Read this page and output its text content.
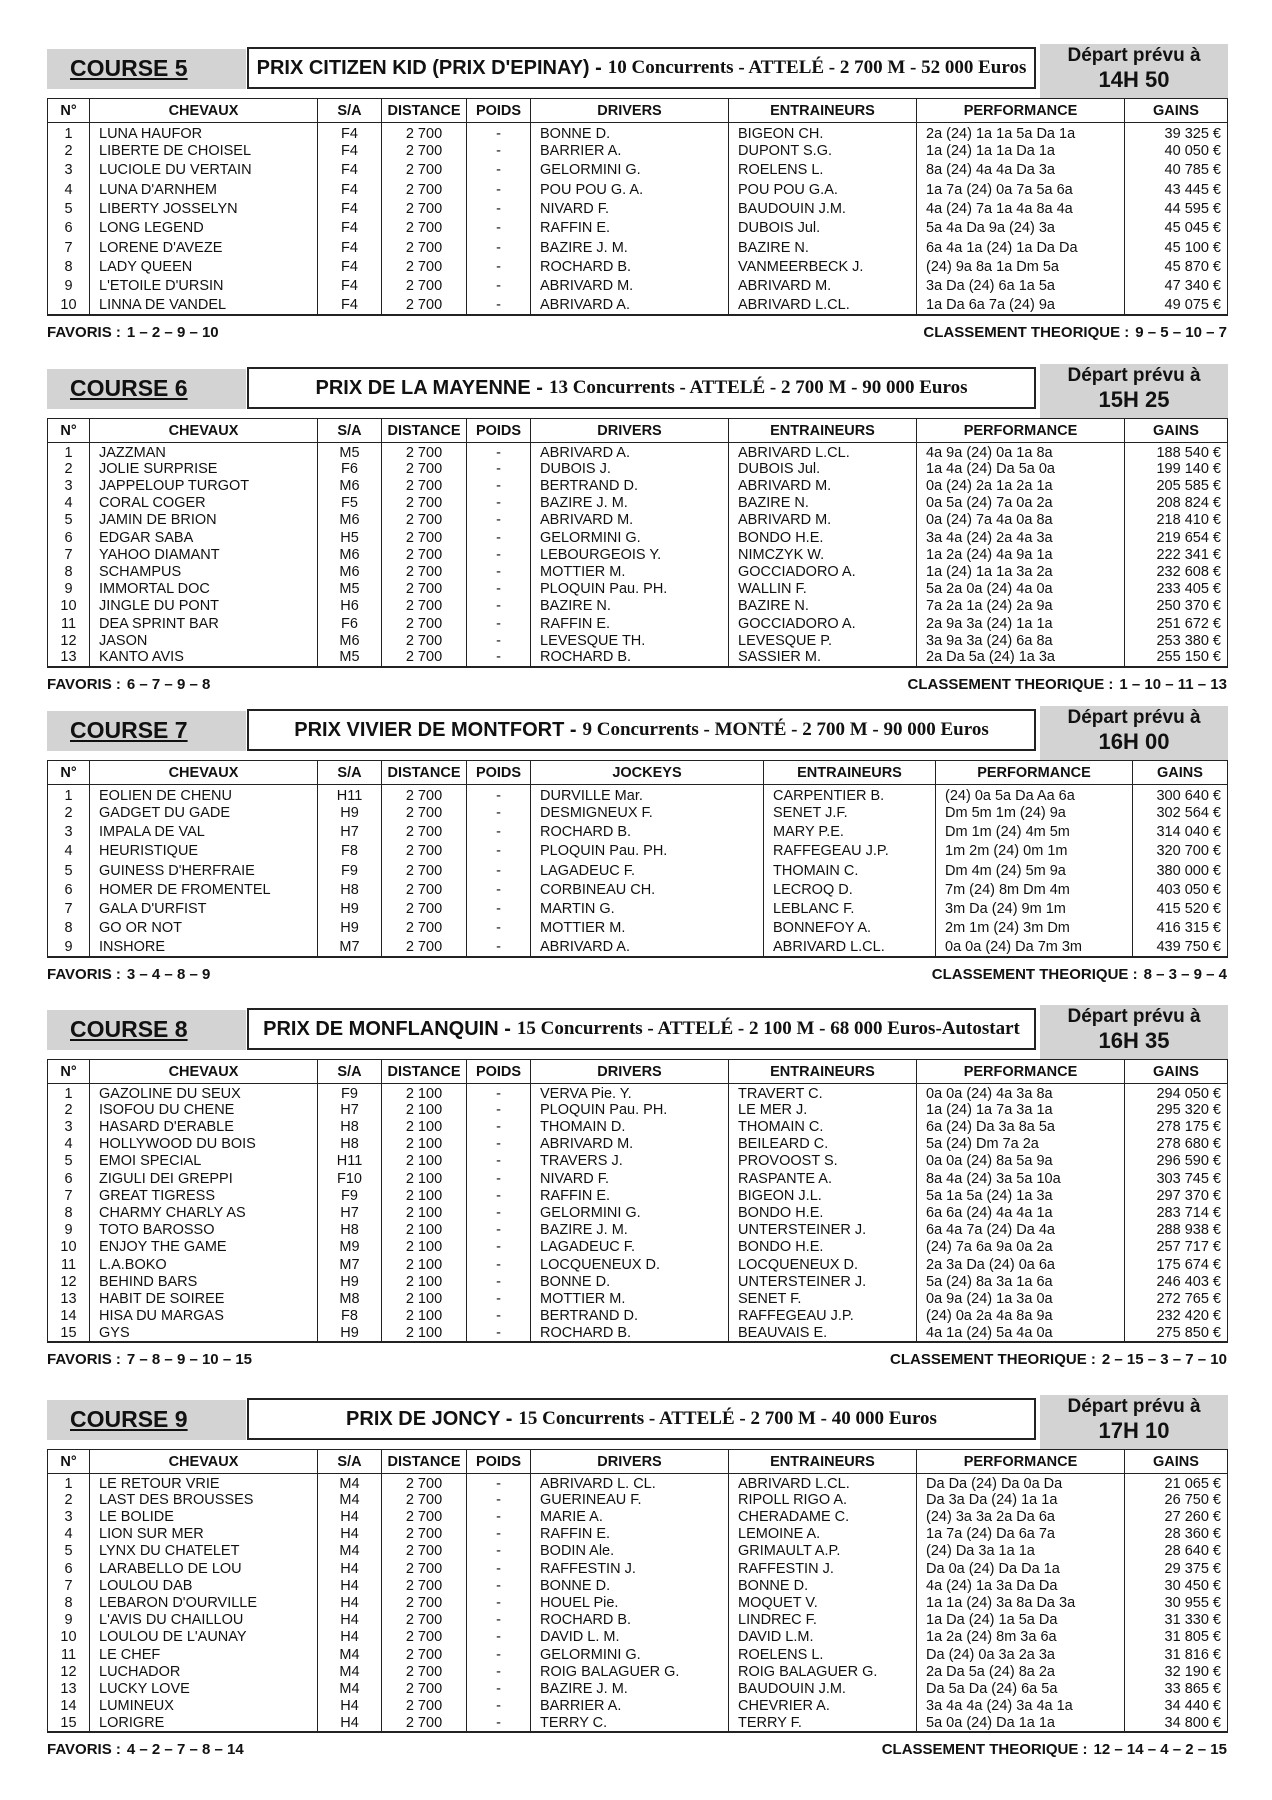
COURSE 5	PRIX CITIZEN KID (PRIX D'EPINAY) - 10 Concurrents - ATTELÉ - 2 700 M - 52 000 Euros
Départ prévu à
14H 50
N°	CHEVAUX	S/A	DISTANCE	POIDS	DRIVERS	ENTRAINEURS	PERFORMANCE	GAINS
1	LUNA HAUFOR	F4	2 700	-	BONNE D.	BIGEON CH.	2a (24) 1a 1a 5a Da 1a	39 325 €
2	LIBERTE DE CHOISEL	F4	2 700	-	BARRIER A.	DUPONT S.G.	1a (24) 1a 1a Da 1a	40 050 €
3	LUCIOLE DU VERTAIN	F4	2 700	-	GELORMINI G.	ROELENS L.	8a (24) 4a 4a Da 3a	40 785 €
4	LUNA D'ARNHEM	F4	2 700	-	POU POU G. A.	POU POU G.A.	1a 7a (24) 0a 7a 5a 6a	43 445 €
5	LIBERTY JOSSELYN	F4	2 700	-	NIVARD F.	BAUDOUIN J.M.	4a (24) 7a 1a 4a 8a 4a	44 595 €
6	LONG LEGEND	F4	2 700	-	RAFFIN E.	DUBOIS Jul.	5a 4a Da 9a (24) 3a	45 045 €
7	LORENE D'AVEZE	F4	2 700	-	BAZIRE J. M.	BAZIRE N.	6a 4a 1a (24) 1a Da Da	45 100 €
8	LADY QUEEN	F4	2 700	-	ROCHARD B.	VANMEERBECK J.	(24) 9a 8a 1a Dm 5a	45 870 €
9	L'ETOILE D'URSIN	F4	2 700	-	ABRIVARD M.	ABRIVARD M.	3a Da (24) 6a 1a 5a	47 340 €
10	LINNA DE VANDEL	F4	2 700	-	ABRIVARD A.	ABRIVARD L.CL.	1a Da 6a 7a (24) 9a	49 075 €
FAVORIS : 1 – 2 – 9 – 10	CLASSEMENT THEORIQUE : 9 – 5 – 10 – 7
COURSE 6	PRIX DE LA MAYENNE - 13 Concurrents - ATTELÉ - 2 700 M - 90 000 Euros
Départ prévu à
15H 25
N°	CHEVAUX	S/A	DISTANCE	POIDS	DRIVERS	ENTRAINEURS	PERFORMANCE	GAINS
1	JAZZMAN	M5	2 700	-	ABRIVARD A.	ABRIVARD L.CL.	4a 9a (24) 0a 1a 8a	188 540 €
2	JOLIE SURPRISE	F6	2 700	-	DUBOIS J.	DUBOIS Jul.	1a 4a (24) Da 5a 0a	199 140 €
3	JAPPELOUP TURGOT	M6	2 700	-	BERTRAND D.	ABRIVARD M.	0a (24) 2a 1a 2a 1a	205 585 €
4	CORAL COGER	F5	2 700	-	BAZIRE J. M.	BAZIRE N.	0a 5a (24) 7a 0a 2a	208 824 €
5	JAMIN DE BRION	M6	2 700	-	ABRIVARD M.	ABRIVARD M.	0a (24) 7a 4a 0a 8a	218 410 €
6	EDGAR SABA	H5	2 700	-	GELORMINI G.	BONDO H.E.	3a 4a (24) 2a 4a 3a	219 654 €
7	YAHOO DIAMANT	M6	2 700	-	LEBOURGEOIS Y.	NIMCZYK W.	1a 2a (24) 4a 9a 1a	222 341 €
8	SCHAMPUS	M6	2 700	-	MOTTIER M.	GOCCIADORO A.	1a (24) 1a 1a 3a 2a	232 608 €
9	IMMORTAL DOC	M5	2 700	-	PLOQUIN Pau. PH.	WALLIN F.	5a 2a 0a (24) 4a 0a	233 405 €
10	JINGLE DU PONT	H6	2 700	-	BAZIRE N.	BAZIRE N.	7a 2a 1a (24) 2a 9a	250 370 €
11	DEA SPRINT BAR	F6	2 700	-	RAFFIN E.	GOCCIADORO A.	2a 9a 3a (24) 1a 1a	251 672 €
12	JASON	M6	2 700	-	LEVESQUE TH.	LEVESQUE P.	3a 9a 3a (24) 6a 8a	253 380 €
13	KANTO AVIS	M5	2 700	-	ROCHARD B.	SASSIER M.	2a Da 5a (24) 1a 3a	255 150 €
FAVORIS : 6 – 7 – 9 – 8	CLASSEMENT THEORIQUE : 1 – 10 – 11 – 13
COURSE 7	PRIX VIVIER DE MONTFORT - 9 Concurrents - MONTÉ - 2 700 M - 90 000 Euros
Départ prévu à
16H 00
N°	CHEVAUX	S/A	DISTANCE	POIDS	JOCKEYS	ENTRAINEURS	PERFORMANCE	GAINS
1	EOLIEN DE CHENU	H11	2 700	-	DURVILLE Mar.	CARPENTIER B.	(24) 0a 5a Da Aa 6a	300 640 €
2	GADGET DU GADE	H9	2 700	-	DESMIGNEUX F.	SENET J.F.	Dm 5m 1m (24) 9a	302 564 €
3	IMPALA DE VAL	H7	2 700	-	ROCHARD B.	MARY P.E.	Dm 1m (24) 4m 5m	314 040 €
4	HEURISTIQUE	F8	2 700	-	PLOQUIN Pau. PH.	RAFFEGEAU J.P.	1m 2m (24) 0m 1m	320 700 €
5	GUINESS D'HERFRAIE	F9	2 700	-	LAGADEUC F.	THOMAIN C.	Dm 4m (24) 5m 9a	380 000 €
6	HOMER DE FROMENTEL	H8	2 700	-	CORBINEAU CH.	LECROQ D.	7m (24) 8m Dm 4m	403 050 €
7	GALA D'URFIST	H9	2 700	-	MARTIN G.	LEBLANC F.	3m Da (24) 9m 1m	415 520 €
8	GO OR NOT	H9	2 700	-	MOTTIER M.	BONNEFOY A.	2m 1m (24) 3m Dm	416 315 €
9	INSHORE	M7	2 700	-	ABRIVARD A.	ABRIVARD L.CL.	0a 0a (24) Da 7m 3m	439 750 €
FAVORIS : 3 – 4 – 8 – 9	CLASSEMENT THEORIQUE : 8 – 3 – 9 – 4
COURSE 8	PRIX DE MONFLANQUIN - 15 Concurrents - ATTELÉ - 2 100 M - 68 000 Euros-Autostart
Départ prévu à
16H 35
N°	CHEVAUX	S/A	DISTANCE	POIDS	DRIVERS	ENTRAINEURS	PERFORMANCE	GAINS
1	GAZOLINE DU SEUX	F9	2 100	-	VERVA Pie. Y.	TRAVERT C.	0a 0a (24) 4a 3a 8a	294 050 €
2	ISOFOU DU CHENE	H7	2 100	-	PLOQUIN Pau. PH.	LE MER J.	1a (24) 1a 7a 3a 1a	295 320 €
3	HASARD D'ERABLE	H8	2 100	-	THOMAIN D.	THOMAIN C.	6a (24) Da 3a 8a 5a	278 175 €
4	HOLLYWOOD DU BOIS	H8	2 100	-	ABRIVARD M.	BEILEARD C.	5a (24) Dm 7a 2a	278 680 €
5	EMOI SPECIAL	H11	2 100	-	TRAVERS J.	PROVOOST S.	0a 0a (24) 8a 5a 9a	296 590 €
6	ZIGULI DEI GREPPI	F10	2 100	-	NIVARD F.	RASPANTE A.	8a 4a (24) 3a 5a 10a	303 745 €
7	GREAT TIGRESS	F9	2 100	-	RAFFIN E.	BIGEON J.L.	5a 1a 5a (24) 1a 3a	297 370 €
8	CHARMY CHARLY AS	H7	2 100	-	GELORMINI G.	BONDO H.E.	6a 6a (24) 4a 4a 1a	283 714 €
9	TOTO BAROSSO	H8	2 100	-	BAZIRE J. M.	UNTERSTEINER J.	6a 4a 7a (24) Da 4a	288 938 €
10	ENJOY THE GAME	M9	2 100	-	LAGADEUC F.	BONDO H.E.	(24) 7a 6a 9a 0a 2a	257 717 €
11	L.A.BOKO	M7	2 100	-	LOCQUENEUX D.	LOCQUENEUX D.	2a 3a Da (24) 0a 6a	175 674 €
12	BEHIND BARS	H9	2 100	-	BONNE D.	UNTERSTEINER J.	5a (24) 8a 3a 1a 6a	246 403 €
13	HABIT DE SOIREE	M8	2 100	-	MOTTIER M.	SENET F.	0a 9a (24) 1a 3a 0a	272 765 €
14	HISA DU MARGAS	F8	2 100	-	BERTRAND D.	RAFFEGEAU J.P.	(24) 0a 2a 4a 8a 9a	232 420 €
15	GYS	H9	2 100	-	ROCHARD B.	BEAUVAIS E.	4a 1a (24) 5a 4a 0a	275 850 €
FAVORIS : 7 – 8 – 9 – 10 – 15	CLASSEMENT THEORIQUE : 2 – 15 – 3 – 7 – 10
COURSE 9	PRIX DE JONCY - 15 Concurrents - ATTELÉ - 2 700 M - 40 000 Euros
Départ prévu à
17H 10
N°	CHEVAUX	S/A	DISTANCE	POIDS	DRIVERS	ENTRAINEURS	PERFORMANCE	GAINS
1	LE RETOUR VRIE	M4	2 700	-	ABRIVARD L. CL.	ABRIVARD L.CL.	Da Da (24) Da 0a Da	21 065 €
2	LAST DES BROUSSES	M4	2 700	-	GUERINEAU F.	RIPOLL RIGO A.	Da 3a Da (24) 1a 1a	26 750 €
3	LE BOLIDE	H4	2 700	-	MARIE A.	CHERADAME C.	(24) 3a 3a 2a Da 6a	27 260 €
4	LION SUR MER	H4	2 700	-	RAFFIN E.	LEMOINE A.	1a 7a (24) Da 6a 7a	28 360 €
5	LYNX DU CHATELET	M4	2 700	-	BODIN Ale.	GRIMAULT A.P.	(24) Da 3a 1a 1a	28 640 €
6	LARABELLO DE LOU	H4	2 700	-	RAFFESTIN J.	RAFFESTIN J.	Da 0a (24) Da Da 1a	29 375 €
7	LOULOU DAB	H4	2 700	-	BONNE D.	BONNE D.	4a (24) 1a 3a Da Da	30 450 €
8	LEBARON D'OURVILLE	H4	2 700	-	HOUEL Pie.	MOQUET V.	1a 1a (24) 3a 8a Da 3a	30 955 €
9	L'AVIS DU CHAILLOU	H4	2 700	-	ROCHARD B.	LINDREC F.	1a Da (24) 1a 5a Da	31 330 €
10	LOULOU DE L'AUNAY	H4	2 700	-	DAVID L. M.	DAVID L.M.	1a 2a (24) 8m 3a 6a	31 805 €
11	LE CHEF	M4	2 700	-	GELORMINI G.	ROELENS L.	Da (24) 0a 3a 2a 3a	31 816 €
12	LUCHADOR	M4	2 700	-	ROIG BALAGUER G.	ROIG BALAGUER G.	2a Da 5a (24) 8a 2a	32 190 €
13	LUCKY LOVE	M4	2 700	-	BAZIRE J. M.	BAUDOUIN J.M.	Da 5a Da (24) 6a 5a	33 865 €
14	LUMINEUX	H4	2 700	-	BARRIER A.	CHEVRIER A.	3a 4a 4a (24) 3a 4a 1a	34 440 €
15	LORIGRE	H4	2 700	-	TERRY C.	TERRY F.	5a 0a (24) Da 1a 1a	34 800 €
FAVORIS : 4 – 2 – 7 – 8 – 14	CLASSEMENT THEORIQUE : 12 – 14 – 4 – 2 – 15
